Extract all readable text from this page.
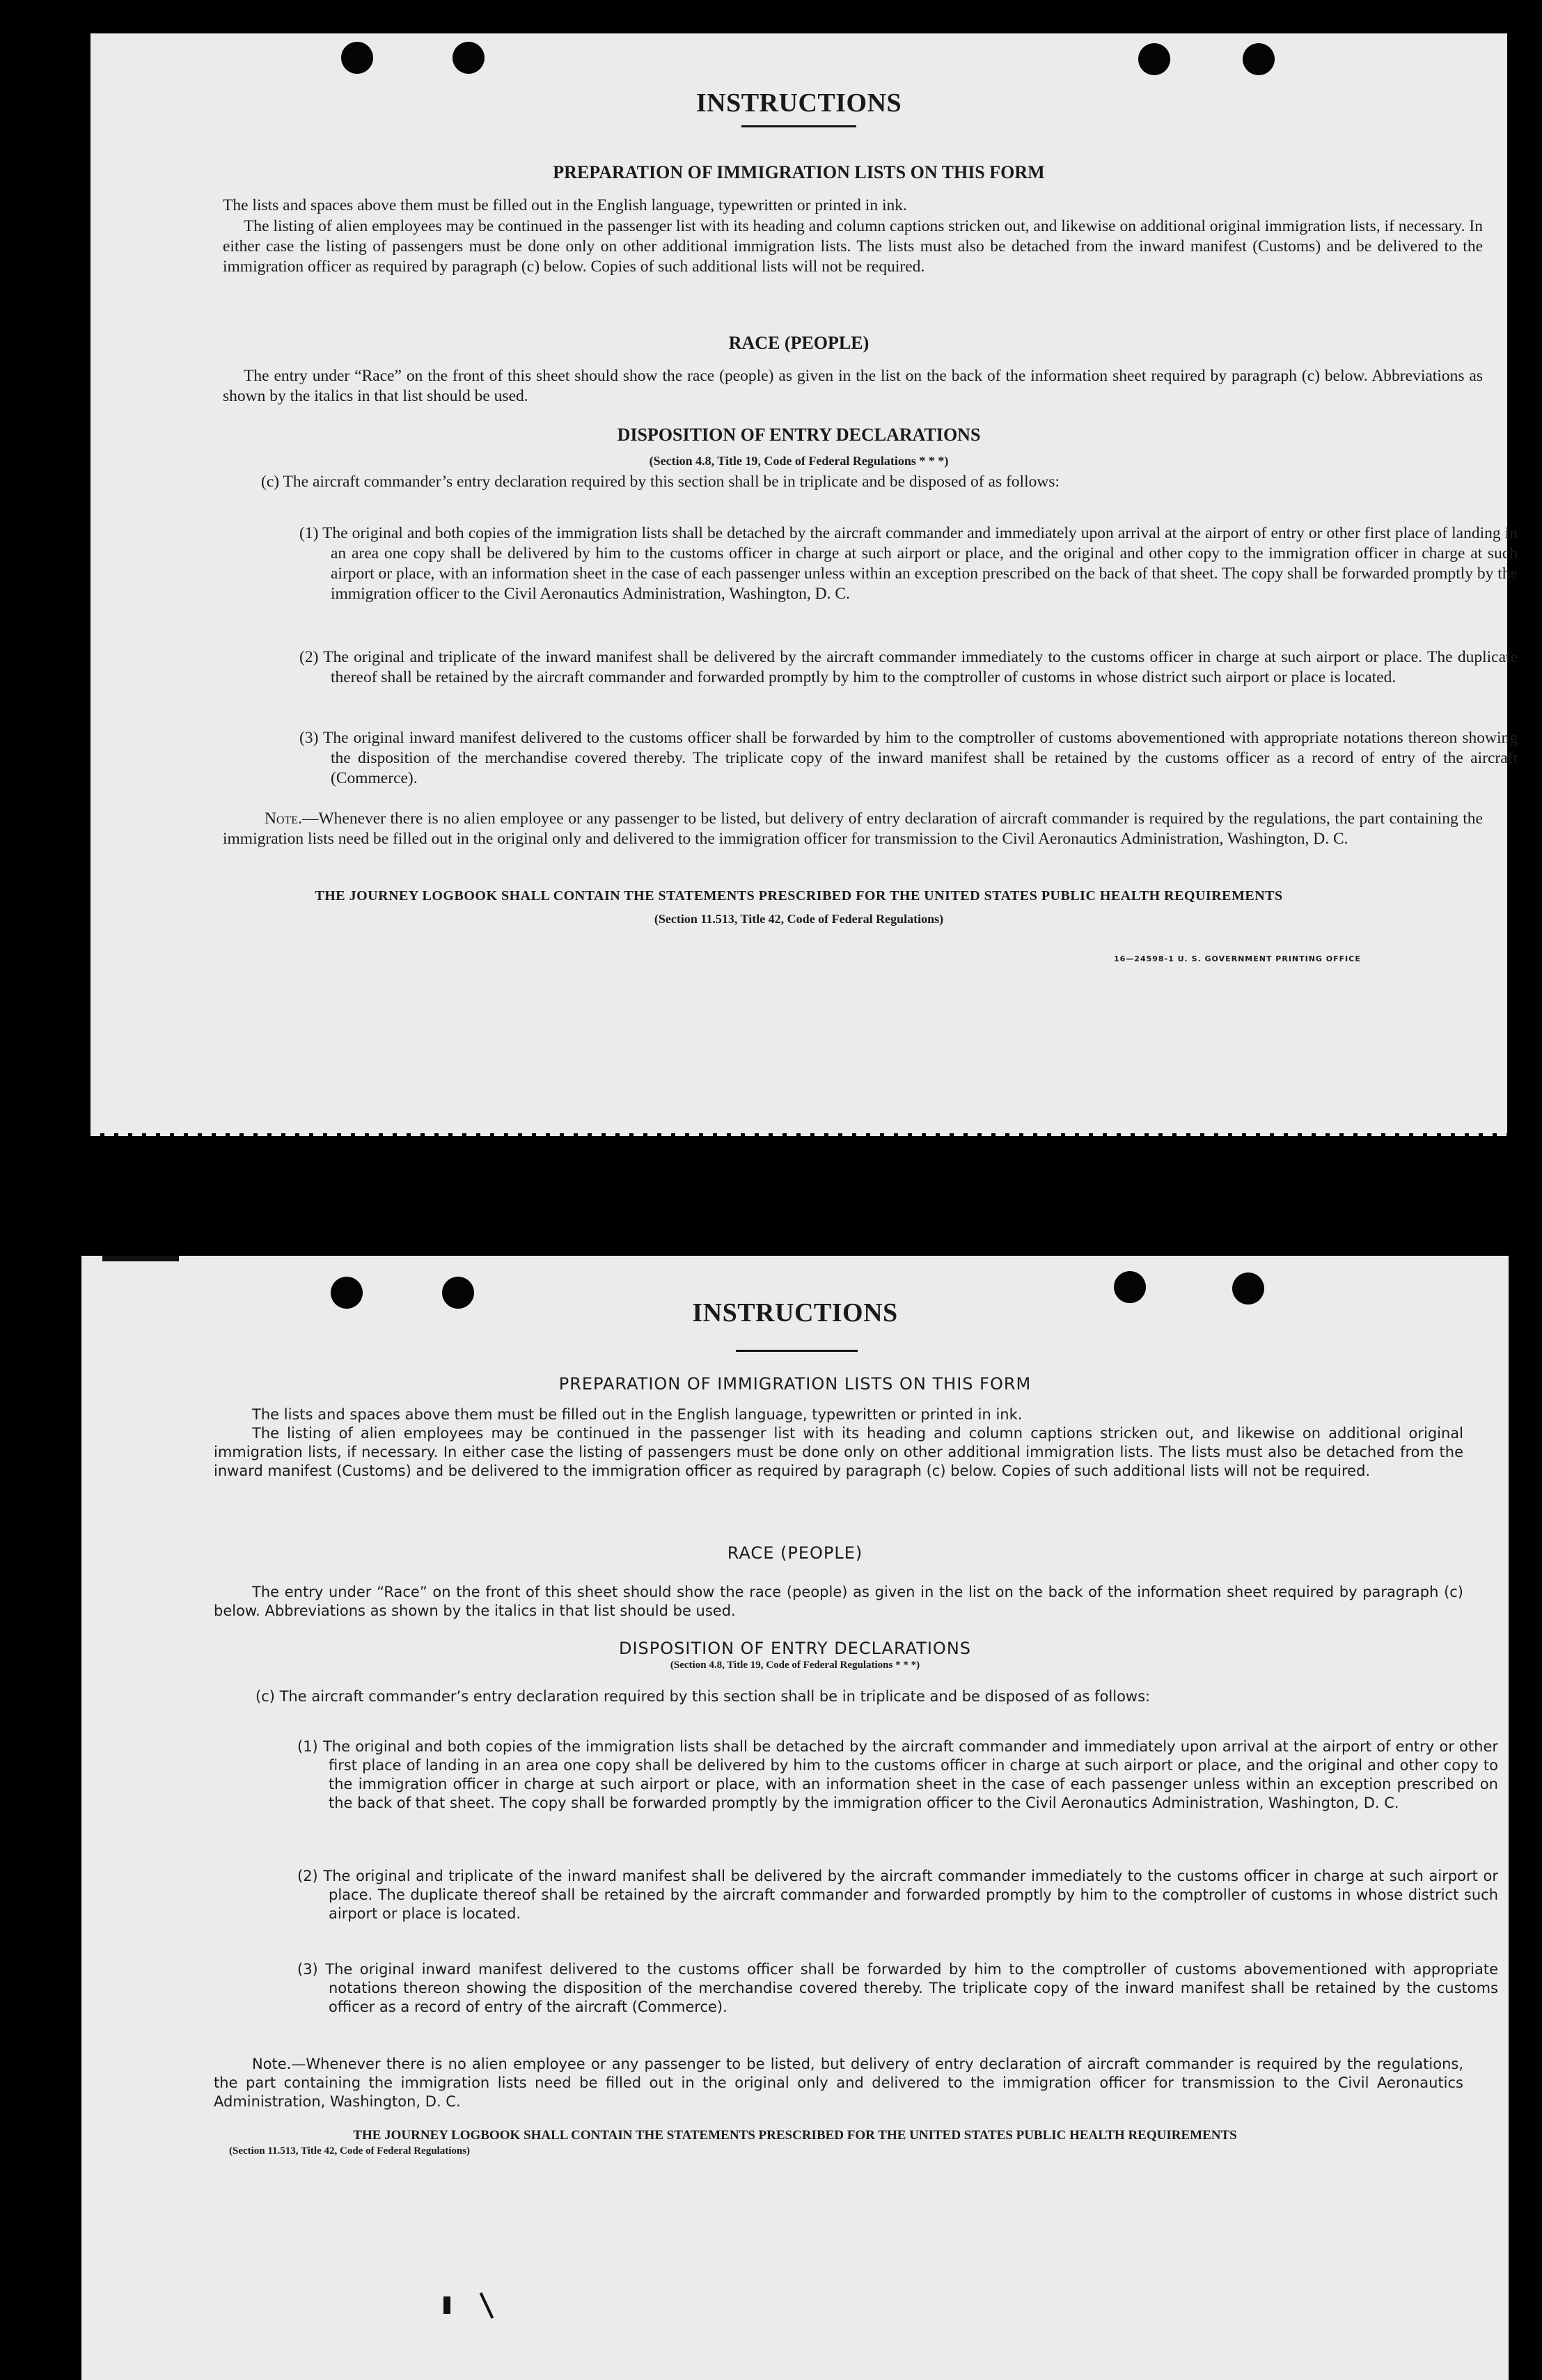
INSTRUCTIONS
PREPARATION OF IMMIGRATION LISTS ON THIS FORM

The lists and spaces above them must be filled out in the English language, typewritten or printed in ink.

The listing of alien employees may be continued in the passenger list with its heading and column captions stricken out, and likewise on additional original immigration lists, if necessary. In either case the listing of passengers must be done only on other additional immigration lists. The lists must also be detached from the inward manifest (Customs) and be delivered to the immigration officer as required by paragraph (c) below. Copies of such additional lists will not be required.

RACE (PEOPLE)

The entry under “Race” on the front of this sheet should show the race (people) as given in the list on the back of the information sheet required by paragraph (c) below. Abbreviations as shown by the italics in that list should be used.

DISPOSITION OF ENTRY DECLARATIONS
(Section 4.8, Title 19, Code of Federal Regulations * * *)

(c) The aircraft commander’s entry declaration required by this section shall be in triplicate and be disposed of as follows:

(1) The original and both copies of the immigration lists shall be detached by the aircraft commander and immediately upon arrival at the airport of entry or other first place of landing in an area one copy shall be delivered by him to the customs officer in charge at such airport or place, and the original and other copy to the immigration officer in charge at such airport or place, with an information sheet in the case of each passenger unless within an exception prescribed on the back of that sheet. The copy shall be forwarded promptly by the immigration officer to the Civil Aeronautics Administration, Washington, D. C.

(2) The original and triplicate of the inward manifest shall be delivered by the aircraft commander immediately to the customs officer in charge at such airport or place. The duplicate thereof shall be retained by the aircraft commander and forwarded promptly by him to the comptroller of customs in whose district such airport or place is located.

(3) The original inward manifest delivered to the customs officer shall be forwarded by him to the comptroller of customs abovementioned with appropriate notations thereon showing the disposition of the merchandise covered thereby. The triplicate copy of the inward manifest shall be retained by the customs officer as a record of entry of the aircraft (Commerce).

Note.—Whenever there is no alien employee or any passenger to be listed, but delivery of entry declaration of aircraft commander is required by the regulations, the part containing the immigration lists need be filled out in the original only and delivered to the immigration officer for transmission to the Civil Aeronautics Administration, Washington, D. C.

THE JOURNEY LOGBOOK SHALL CONTAIN THE STATEMENTS PRESCRIBED FOR THE UNITED STATES PUBLIC HEALTH REQUIREMENTS
(Section 11.513, Title 42, Code of Federal Regulations)
16—24598-1 U. S. GOVERNMENT PRINTING OFFICE
INSTRUCTIONS
PREPARATION OF IMMIGRATION LISTS ON THIS FORM

The lists and spaces above them must be filled out in the English language, typewritten or printed in ink.

The listing of alien employees may be continued in the passenger list with its heading and column captions stricken out, and likewise on additional original immigration lists, if necessary. In either case the listing of passengers must be done only on other additional immigration lists. The lists must also be detached from the inward manifest (Customs) and be delivered to the immigration officer as required by paragraph (c) below. Copies of such additional lists will not be required.

RACE (PEOPLE)

The entry under “Race” on the front of this sheet should show the race (people) as given in the list on the back of the information sheet required by paragraph (c) below. Abbreviations as shown by the italics in that list should be used.

DISPOSITION OF ENTRY DECLARATIONS
(Section 4.8, Title 19, Code of Federal Regulations * * *)

(c) The aircraft commander’s entry declaration required by this section shall be in triplicate and be disposed of as follows:

(1) The original and both copies of the immigration lists shall be detached by the aircraft commander and immediately upon arrival at the airport of entry or other first place of landing in an area one copy shall be delivered by him to the customs officer in charge at such airport or place, and the original and other copy to the immigration officer in charge at such airport or place, with an information sheet in the case of each passenger unless within an exception prescribed on the back of that sheet. The copy shall be forwarded promptly by the immigration officer to the Civil Aeronautics Administration, Washington, D. C.

(2) The original and triplicate of the inward manifest shall be delivered by the aircraft commander immediately to the customs officer in charge at such airport or place. The duplicate thereof shall be retained by the aircraft commander and forwarded promptly by him to the comptroller of customs in whose district such airport or place is located.

(3) The original inward manifest delivered to the customs officer shall be forwarded by him to the comptroller of customs abovementioned with appropriate notations thereon showing the disposition of the merchandise covered thereby. The triplicate copy of the inward manifest shall be retained by the customs officer as a record of entry of the aircraft (Commerce).

Note.—Whenever there is no alien employee or any passenger to be listed, but delivery of entry declaration of aircraft commander is required by the regulations, the part containing the immigration lists need be filled out in the original only and delivered to the immigration officer for transmission to the Civil Aeronautics Administration, Washington, D. C.

THE JOURNEY LOGBOOK SHALL CONTAIN THE STATEMENTS PRESCRIBED FOR THE UNITED STATES PUBLIC HEALTH REQUIREMENTS
(Section 11.513, Title 42, Code of Federal Regulations)
